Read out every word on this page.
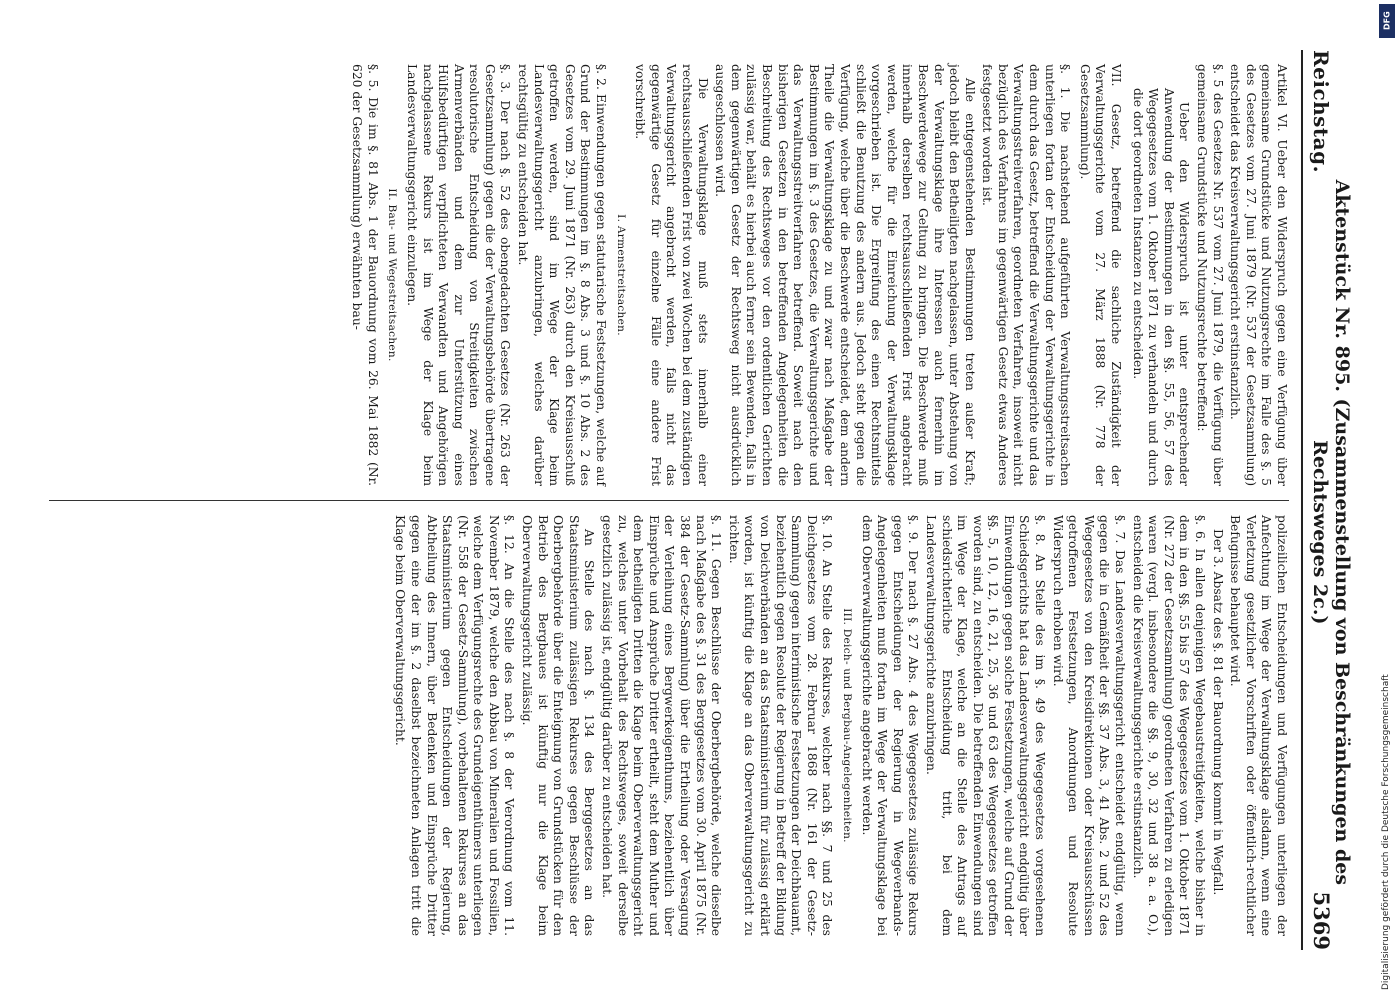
Reichstag.
Aktenstück Nr. 895. (Zusammenstellung von Beschränkungen des Rechtsweges 2c.)
5369

Artikel VI. Ueber den Widerspruch gegen eine Verfügung über gemeinsame Grundstücke und Nutzungsrechte im Falle des §. 5 des Gesetzes vom 27. Juni 1879 (Nr. 537 der Gesetzsammlung) entscheidet das Kreisverwaltungsgericht erstinstanzlich.

§. 5 des Gesetzes Nr. 537 vom 27. Juni 1879, die Verfügung über gemeinsame Grundstücke und Nutzungsrechte betreffend:

Ueber den Widerspruch ist unter entsprechender Anwendung der Bestimmungen in den §§. 55, 56, 57 des Wegegesetzes vom 1. Oktober 1871 zu verhandeln und durch die dort geordneten Instanzen zu entscheiden.

VII. Gesetz, betreffend die sachliche Zuständigkeit der Verwaltungsgerichte vom 27. März 1888 (Nr. 778 der Gesetzsammlung).

§. 1. Die nachstehend aufgeführten Verwaltungsstreitsachen unterliegen fortan der Entscheidung der Verwaltungsgerichte in dem durch das Gesetz, betreffend die Verwaltungsgerichte und das Verwaltungsstreitverfahren, geordneten Verfahren, insoweit nicht bezüglich des Verfahrens im gegenwärtigen Gesetz etwas Anderes festgesetzt worden ist.

Alle entgegenstehenden Bestimmungen treten außer Kraft; jedoch bleibt den Betheiligten nachgelassen, unter Abstehung von der Verwaltungsklage ihre Interessen auch fernerhin im Beschwerdewege zur Geltung zu bringen. Die Beschwerde muß innerhalb derselben rechtsausschließenden Frist angebracht werden, welche für die Einreichung der Verwaltungsklage vorgeschrieben ist. Die Ergreifung des einen Rechtsmittels schließt die Benutzung des andern aus. Jedoch steht gegen die Verfügung, welche über die Beschwerde entscheidet, dem andern Theile die Verwaltungsklage zu und zwar nach Maßgabe der Bestimmungen im §. 3 des Gesetzes, die Verwaltungsgerichte und das Verwaltungsstreitverfahren betreffend. Soweit nach den bisherigen Gesetzen in den betreffenden Angelegenheiten die Beschreitung des Rechtsweges vor den ordentlichen Gerichten zulässig war, behält es hierbei auch ferner sein Bewenden, falls in dem gegenwärtigen Gesetz der Rechtsweg nicht ausdrücklich ausgeschlossen wird.

Die Verwaltungsklage muß stets innerhalb einer rechtsausschließenden Frist von zwei Wochen bei dem zuständigen Verwaltungsgericht angebracht werden, falls nicht das gegenwärtige Gesetz für einzelne Fälle eine andere Frist vorschreibt.

I. Armenstreitsachen.

§. 2. Einwendungen gegen statutarische Festsetzungen, welche auf Grund der Bestimmungen im §. 8 Abs. 3 und §. 10 Abs. 2 des Gesetzes vom 29. Juni 1871 (Nr. 263) durch den Kreisausschuß getroffen werden, sind im Wege der Klage beim Landesverwaltungsgericht anzubringen, welches darüber rechtsgültig zu entscheiden hat.

§. 3. Der nach §. 52 des obengedachten Gesetzes (Nr. 263 der Gesetzsammlung) gegen die der Verwaltungsbehörde übertragene resolutorische Entscheidung von Streitigkeiten zwischen Armenverbänden und dem zur Unterstützung eines Hülfsbedürftigen verpflichteten Verwandten und Angehörigen nachgelassene Rekurs ist im Wege der Klage beim Landesverwaltungsgericht einzulegen.

II. Bau- und Wegestreitsachen.

§. 5. Die im §. 81 Abs. 1 der Bauordnung vom 26. Mai 1882 (Nr. 620 der Gesetzsammlung) erwähnten bau-

polizeilichen Entscheidungen und Verfügungen unterliegen der Anfechtung im Wege der Verwaltungsklage alsdann, wenn eine Verletzung gesetzlicher Vorschriften oder öffentlich-rechtlicher Befugnisse behauptet wird.

Der 3. Absatz des §. 81 der Bauordnung kommt in Wegfall.

§. 6. In allen denjenigen Wegebaustreitigkeiten, welche bisher in dem in den §§. 55 bis 57 des Wegegesetzes vom 1. Oktober 1871 (Nr. 272 der Gesetzsammlung) geordneten Verfahren zu erledigen waren (vergl. insbesondere die §§. 9, 30, 32 und 38 a. a. O.), entscheiden die Kreisverwaltungsgerichte erstinstanzlich.

§. 7. Das Landesverwaltungsgericht entscheidet endgültig, wenn gegen die in Gemäßheit der §§. 37 Abs. 3, 41 Abs. 2 und 52 des Wegegesetzes von den Kreisdirektionen oder Kreisausschüssen getroffenen Festsetzungen, Anordnungen und Resolute Widerspruch erhoben wird.

§. 8. An Stelle des im §. 49 des Wegegesetzes vorgesehenen Schiedsgerichts hat das Landesverwaltungsgericht endgültig über Einwendungen gegen solche Festsetzungen, welche auf Grund der §§. 5, 10, 12, 16, 21, 25, 36 und 63 des Wegegesetzes getroffen worden sind, zu entscheiden. Die betreffenden Einwendungen sind im Wege der Klage, welche an die Stelle des Antrags auf schiedsrichterliche Entscheidung tritt, bei dem Landesverwaltungsgerichte anzubringen.

§. 9. Der nach §. 27 Abs. 4 des Wegegesetzes zulässige Rekurs gegen Entscheidungen der Regierung in Wegeverbands-Angelegenheiten muß fortan im Wege der Verwaltungsklage bei dem Oberverwaltungsgerichte angebracht werden.

III. Deich- und Bergbau-Angelegenheiten.

§. 10. An Stelle des Rekurses, welcher nach §§. 7 und 25 des Deichgesetzes vom 28. Februar 1868 (Nr. 161 der Gesetz-Sammlung) gegen interimistische Festsetzungen der Deichbauamt, beziehentlich gegen Resolute der Regierung in Betreff der Bildung von Deichverbänden an das Staatsministerium für zulässig erklärt worden, ist künftig die Klage an das Oberverwaltungsgericht zu richten.

§. 11. Gegen Beschlüsse der Oberbergbehörde, welche dieselbe nach Maßgabe des §. 31 des Berggesetzes vom 30. April 1875 (Nr. 384 der Gesetz-Sammlung) über die Ertheilung oder Versagung der Verleihung eines Bergwerkeigenthums, beziehentlich über Einsprüche und Ansprüche Dritter ertheilt, steht dem Muther und dem betheiligten Dritten die Klage beim Oberverwaltungsgericht zu, welches unter Vorbehalt des Rechtsweges, soweit derselbe gesetzlich zulässig ist, endgültig darüber zu entscheiden hat.

An Stelle des nach §. 134 des Berggesetzes an das Staatsministerium zulässigen Rekurses gegen Beschlüsse der Oberbergbehörde über die Enteignung von Grundstücken für den Betrieb des Bergbaues ist künftig nur die Klage beim Oberverwaltungsgericht zulässig.

§. 12. An die Stelle des nach §. 8 der Verordnung vom 11. November 1879, welche den Abbau von Mineralien und Fossilien, welche dem Verfügungsrechte des Grundeigenthümers unterliegen (Nr. 558 der Gesetz-Sammlung), vorbehaltenen Rekurses an das Staatsministerium gegen Entscheidungen der Regierung, Abtheilung des Innern, über Bedenken und Einsprüche Dritter gegen eine der im §. 2 daselbst bezeichneten Anlagen tritt die Klage beim Oberverwaltungsgericht.

DFG
Digitalisierung gefördert durch die Deutsche Forschungsgemeinschaft
